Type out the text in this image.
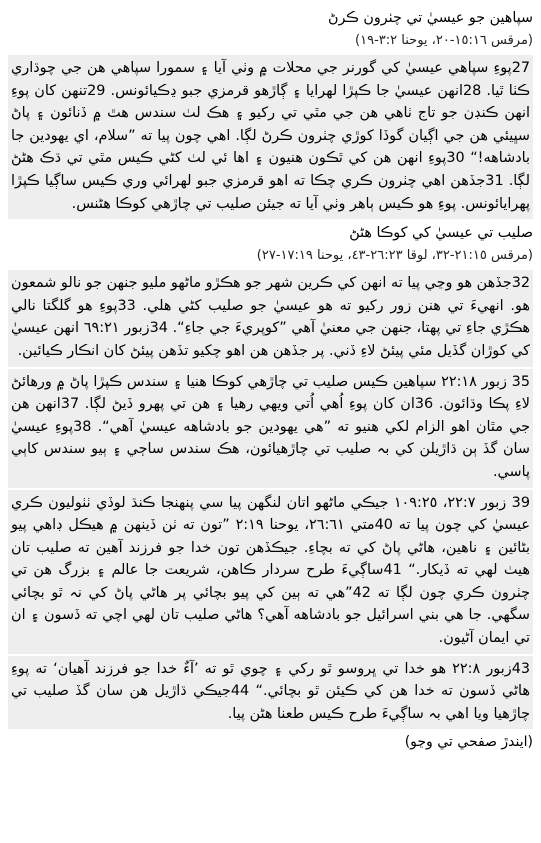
سپاهين جو عيسيٰ تي چٺرون ڪرڻ
(مرقس ١٥:١٦-٢٠، يوحنا ٣:٢-١٩)
27پوءِ سپاهي عيسيٰ کي گورنر جي محلات ۾ وٺي آيا ۽ سمورا سپاهي هن جي چوڌاري ڪٺا ٿيا. 28انهن عيسيٰ جا ڪپڙا لهرايا ۽ ڳاڙهو قرمزي جبو ڍڪيائونس. 29تنهن کان پوءِ انهن ڪنڊن جو تاج ٺاهي هن جي مٿي تي رکيو ۽ هڪ لٺ سندس هٿ ۾ ڏنائون ۽ پاڻ سڀيئي هن جي اڳيان گوڏا کوڙي چٺرون ڪرڻ لڳا. اهي چون پيا ته ”سلام، اي يهودين جا بادشاهه!“ 30پوءِ انهن هن کي ٿڪون هنيون ۽ اها ئي لٺ کڻي ڪيس مٿي تي ڌڪ هڻڻ لڳا. 31جڏهن اهي چٺرون ڪري چڪا ته اهو قرمزي جبو لهرائي وري ڪيس ساڳيا ڪپڙا پهرايائونس. پوءِ هو ڪيس ٻاهر وٺي آيا ته جيئن صليب تي چاڙهي کوڪا هڻنس.
صليب تي عيسيٰ کي کوڪا هڻڻ
(مرقس ٢١:١٥-٣٢، لوقا ٢٦:٢٣-٤٣، يوحنا ١٧:١٩-٢٧)
32جڏهن هو وڃي پيا ته انهن کي ڪرين شهر جو هڪڙو ماڻهو مليو جنهن جو نالو شمعون هو. انهيءَ تي هنن زور رکيو ته هو عيسيٰ جو صليب کڻي هلي. 33پوءِ هو گلگتا نالي هڪڙي جاءِ تي پهتا، جنهن جي معنيٰ آهي ”کوپريءَ جي جاءِ“. 34زبور ٦٩:٢١ انهن عيسيٰ کي کوڙان گڏيل مئي پيئڻ لاءِ ڏني. پر جڏهن هن اهو چکيو تڏهن پيئڻ کان انڪار ڪيائين.
35 زبور ٢٢:١٨ سپاهين ڪيس صليب تي چاڙهي کوڪا هنيا ۽ سندس ڪپڙا پاڻ ۾ ورهائڻ لاءِ پڪا وڌائون. 36ان کان پوءِ اُهي اُتي ويهي رهيا ۽ هن تي پهرو ڏيڻ لڳا. 37انهن هن جي مٿان اهو الزام لکي هنيو ته ”هي يهودين جو بادشاهه عيسيٰ آهي“. 38پوءِ عيسيٰ سان گڏ ٻن ڌاڙيلن کي بہ صليب تي چاڙهيائون، هڪ سندس ساڄي ۽ ٻيو سندس کاٻي پاسي.
39 زبور ٢٢:٧، ١٠٩:٢٥ جيڪي ماڻهو اتان لنگهن پيا سي پنهنجا ڪنڌ لوڏي ٺٺوليون ڪري عيسيٰ کي چون پيا ته 40متي ٢٦:٦١، يوحنا ٢:١٩ ”تون ته ٺن ڏينهن ۾ هيڪل ڊاهي پيو بڻائين ۽ ناهين، هاڻي پاڻ کي ته بچاءِ. جيڪڏهن تون خدا جو فرزند آهين ته صليب تان هيٺ لهي ته ڏيکار.“ 41ساڳيءَ طرح سردار ڪاهن، شريعت جا عالم ۽ بزرگ هن تي چٺرون ڪري چون لڳا ته 42”هي ته ٻين کي پيو بچائي پر هاڻي پاڻ کي نہ ٿو بچائي سگهي. جا هي بني اسرائيل جو بادشاهه آهي؟ هاڻي صليب تان لهي اچي ته ڏسون ۽ ان تي ايمان آڻيون.
43زبور ٢٢:٨ هو خدا تي ڀروسو ٿو رکي ۽ چوي ٿو ته ’آءٌ خدا جو فرزند آهيان‘ ته پوءِ هاڻي ڏسون ته خدا هن کي ڪيئن ٿو بچائي.“ 44جيڪي ڌاڙيل هن سان گڏ صليب تي چاڙهيا ويا اهي بہ ساڳيءَ طرح ڪيس طعنا هڻن پيا.
(ايندڙ صفحي تي وڃو)
